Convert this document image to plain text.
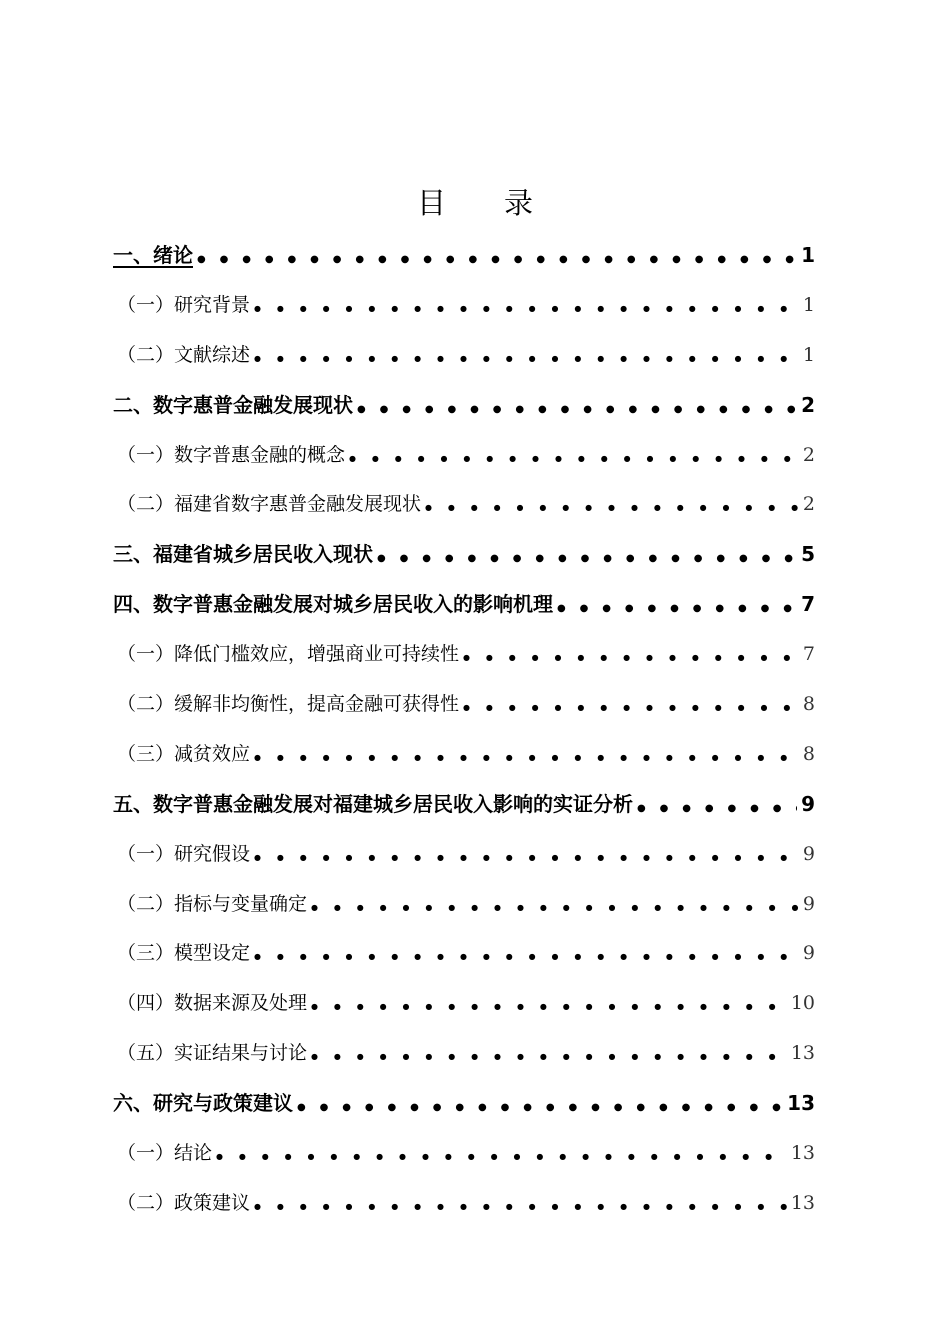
目录
一、绪论 ●●●●●●●●●●●●●●●●●●●●●●●●●●●●●●●●●●●●●●●●●●●●●●●●●●●●●●●●●●	1
（一）研究背景 ●●●●●●●●●●●●●●●●●●●●●●●●●●●●●●●●●●●●●●●●●●●●●●●●●●●●●●●●●●	1
（二）文献综述 ●●●●●●●●●●●●●●●●●●●●●●●●●●●●●●●●●●●●●●●●●●●●●●●●●●●●●●●●●●	1
二、数字惠普金融发展现状 ●●●●●●●●●●●●●●●●●●●●●●●●●●●●●●●●●●●●●●●●●●●●●●●●●●●●●●●●●●	2
（一）数字普惠金融的概念 ●●●●●●●●●●●●●●●●●●●●●●●●●●●●●●●●●●●●●●●●●●●●●●●●●●●●●●●●●●	2
（二）福建省数字惠普金融发展现状 ●●●●●●●●●●●●●●●●●●●●●●●●●●●●●●●●●●●●●●●●●●●●●●●●●●●●●●●●●●	2
三、福建省城乡居民收入现状 ●●●●●●●●●●●●●●●●●●●●●●●●●●●●●●●●●●●●●●●●●●●●●●●●●●●●●●●●●●	5
四、数字普惠金融发展对城乡居民收入的影响机理 ●●●●●●●●●●●●●●●●●●●●●●●●●●●●●●●●●●●●●●●●●●●●●●●●●●●●●●●●●●	7
（一）降低门槛效应，增强商业可持续性 ●●●●●●●●●●●●●●●●●●●●●●●●●●●●●●●●●●●●●●●●●●●●●●●●●●●●●●●●●●	7
（二）缓解非均衡性，提高金融可获得性 ●●●●●●●●●●●●●●●●●●●●●●●●●●●●●●●●●●●●●●●●●●●●●●●●●●●●●●●●●●	8
（三）减贫效应 ●●●●●●●●●●●●●●●●●●●●●●●●●●●●●●●●●●●●●●●●●●●●●●●●●●●●●●●●●●	8
五、数字普惠金融发展对福建城乡居民收入影响的实证分析 ●●●●●●●●●●●●●●●●●●●●●●●●●●●●●●●●●●●●●●●●●●●●●●●●●●●●●●●●●●	9
（一）研究假设 ●●●●●●●●●●●●●●●●●●●●●●●●●●●●●●●●●●●●●●●●●●●●●●●●●●●●●●●●●●	9
（二）指标与变量确定 ●●●●●●●●●●●●●●●●●●●●●●●●●●●●●●●●●●●●●●●●●●●●●●●●●●●●●●●●●●	9
（三）模型设定 ●●●●●●●●●●●●●●●●●●●●●●●●●●●●●●●●●●●●●●●●●●●●●●●●●●●●●●●●●●	9
（四）数据来源及处理 ●●●●●●●●●●●●●●●●●●●●●●●●●●●●●●●●●●●●●●●●●●●●●●●●●●●●●●●●●●	10
（五）实证结果与讨论 ●●●●●●●●●●●●●●●●●●●●●●●●●●●●●●●●●●●●●●●●●●●●●●●●●●●●●●●●●●	13
六、研究与政策建议 ●●●●●●●●●●●●●●●●●●●●●●●●●●●●●●●●●●●●●●●●●●●●●●●●●●●●●●●●●●	13
（一）结论 ●●●●●●●●●●●●●●●●●●●●●●●●●●●●●●●●●●●●●●●●●●●●●●●●●●●●●●●●●●	13
（二）政策建议 ●●●●●●●●●●●●●●●●●●●●●●●●●●●●●●●●●●●●●●●●●●●●●●●●●●●●●●●●●●	13
